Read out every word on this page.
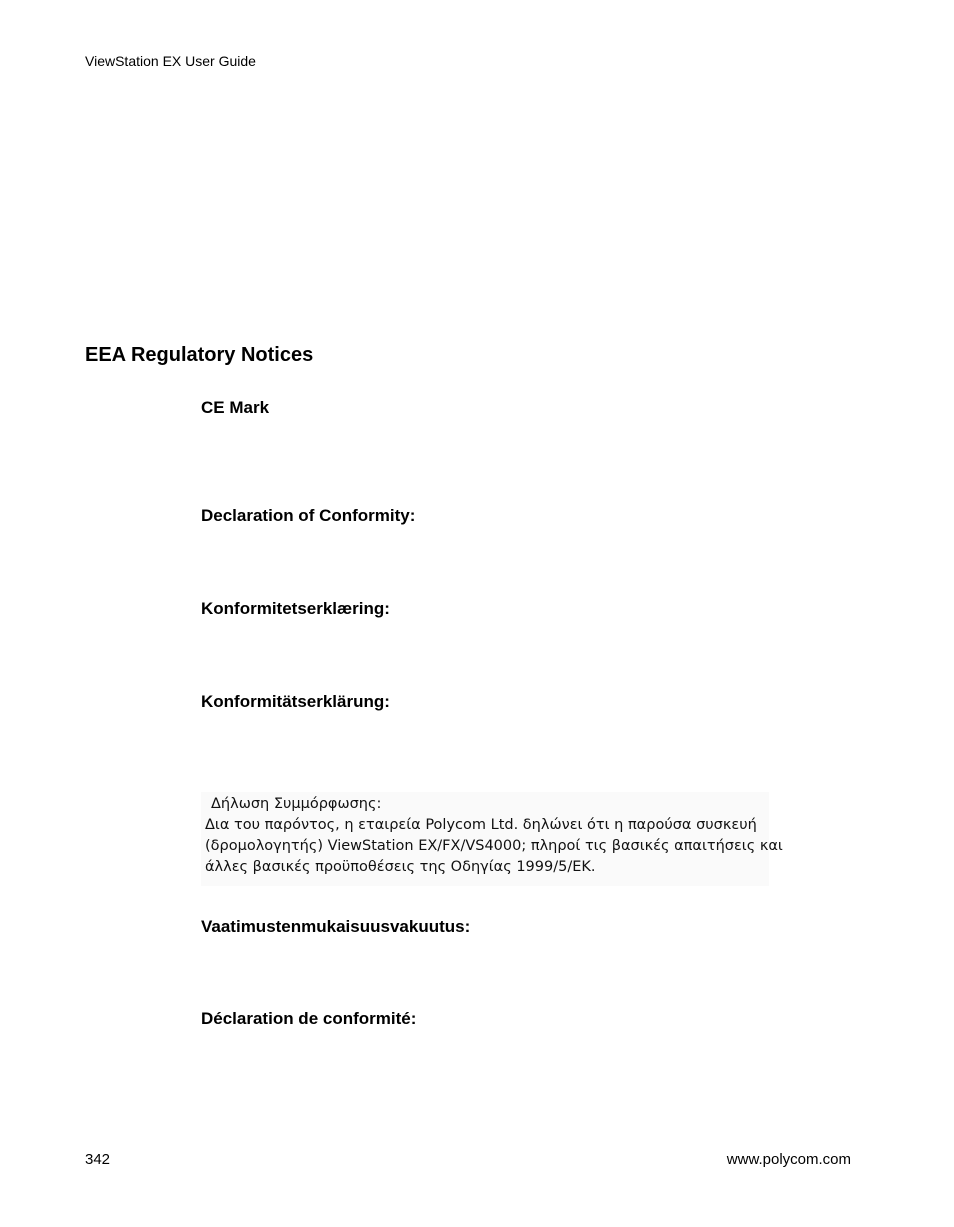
ViewStation EX User Guide
EEA Regulatory Notices
CE Mark
Declaration of Conformity:
Konformitetserklæring:
Konformitätserklärung:
Δήλωση Συμμόρφωσης:
Δια του παρόντος, η εταιρεία Polycom Ltd. δηλώνει ότι η παρούσα συσκευή
(δρομολογητής) ViewStation EX/FX/VS4000; πληροί τις βασικές απαιτήσεις και
άλλες βασικές προϋποθέσεις της Οδηγίας 1999/5/ΕΚ.
Vaatimustenmukaisuusvakuutus:
Déclaration de conformité:
342	www.polycom.com
